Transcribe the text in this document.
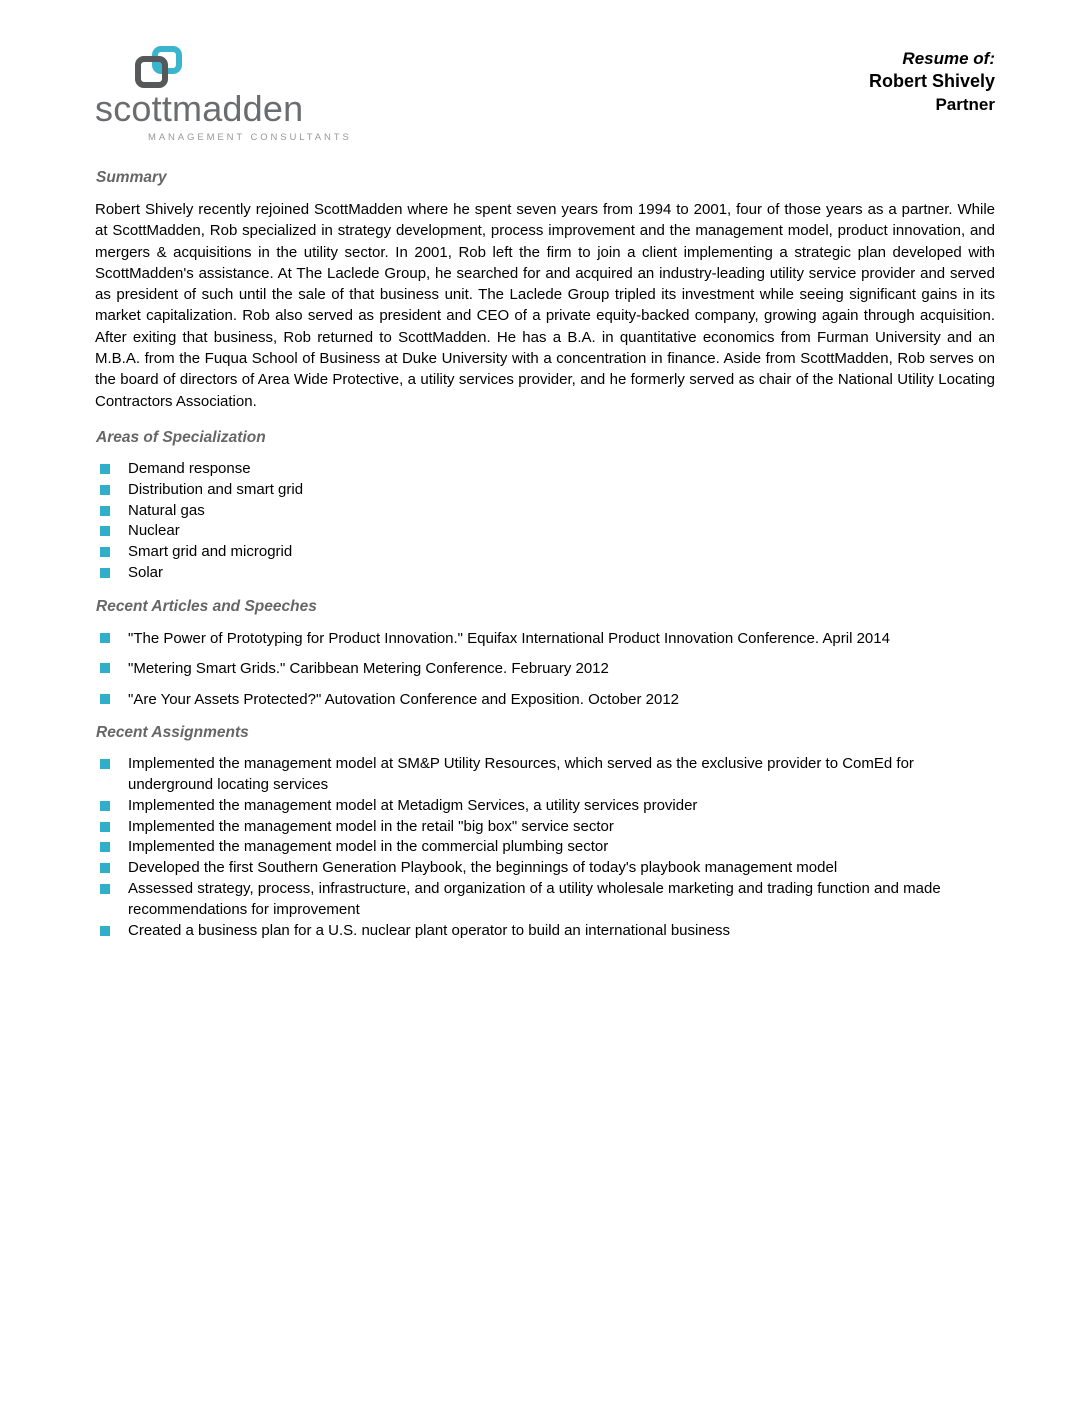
scottmadden
MANAGEMENT CONSULTANTS
Resume of:
Robert Shively
Partner
Summary

Robert Shively recently rejoined ScottMadden where he spent seven years from 1994 to 2001, four of those years as a partner. While at ScottMadden, Rob specialized in strategy development, process improvement and the management model, product innovation, and mergers & acquisitions in the utility sector. In 2001, Rob left the firm to join a client implementing a strategic plan developed with ScottMadden's assistance. At The Laclede Group, he searched for and acquired an industry-leading utility service provider and served as president of such until the sale of that business unit. The Laclede Group tripled its investment while seeing significant gains in its market capitalization. Rob also served as president and CEO of a private equity-backed company, growing again through acquisition. After exiting that business, Rob returned to ScottMadden. He has a B.A. in quantitative economics from Furman University and an M.B.A. from the Fuqua School of Business at Duke University with a concentration in finance. Aside from ScottMadden, Rob serves on the board of directors of Area Wide Protective, a utility services provider, and he formerly served as chair of the National Utility Locating Contractors Association.

Areas of Specialization
Demand response
Distribution and smart grid
Natural gas
Nuclear
Smart grid and microgrid
Solar
Recent Articles and Speeches
"The Power of Prototyping for Product Innovation." Equifax International Product Innovation Conference. April 2014
"Metering Smart Grids." Caribbean Metering Conference. February 2012
"Are Your Assets Protected?" Autovation Conference and Exposition. October 2012
Recent Assignments
Implemented the management model at SM&P Utility Resources, which served as the exclusive provider to ComEd for underground locating services
Implemented the management model at Metadigm Services, a utility services provider
Implemented the management model in the retail "big box" service sector
Implemented the management model in the commercial plumbing sector
Developed the first Southern Generation Playbook, the beginnings of today's playbook management model
Assessed strategy, process, infrastructure, and organization of a utility wholesale marketing and trading function and made recommendations for improvement
Created a business plan for a U.S. nuclear plant operator to build an international business
